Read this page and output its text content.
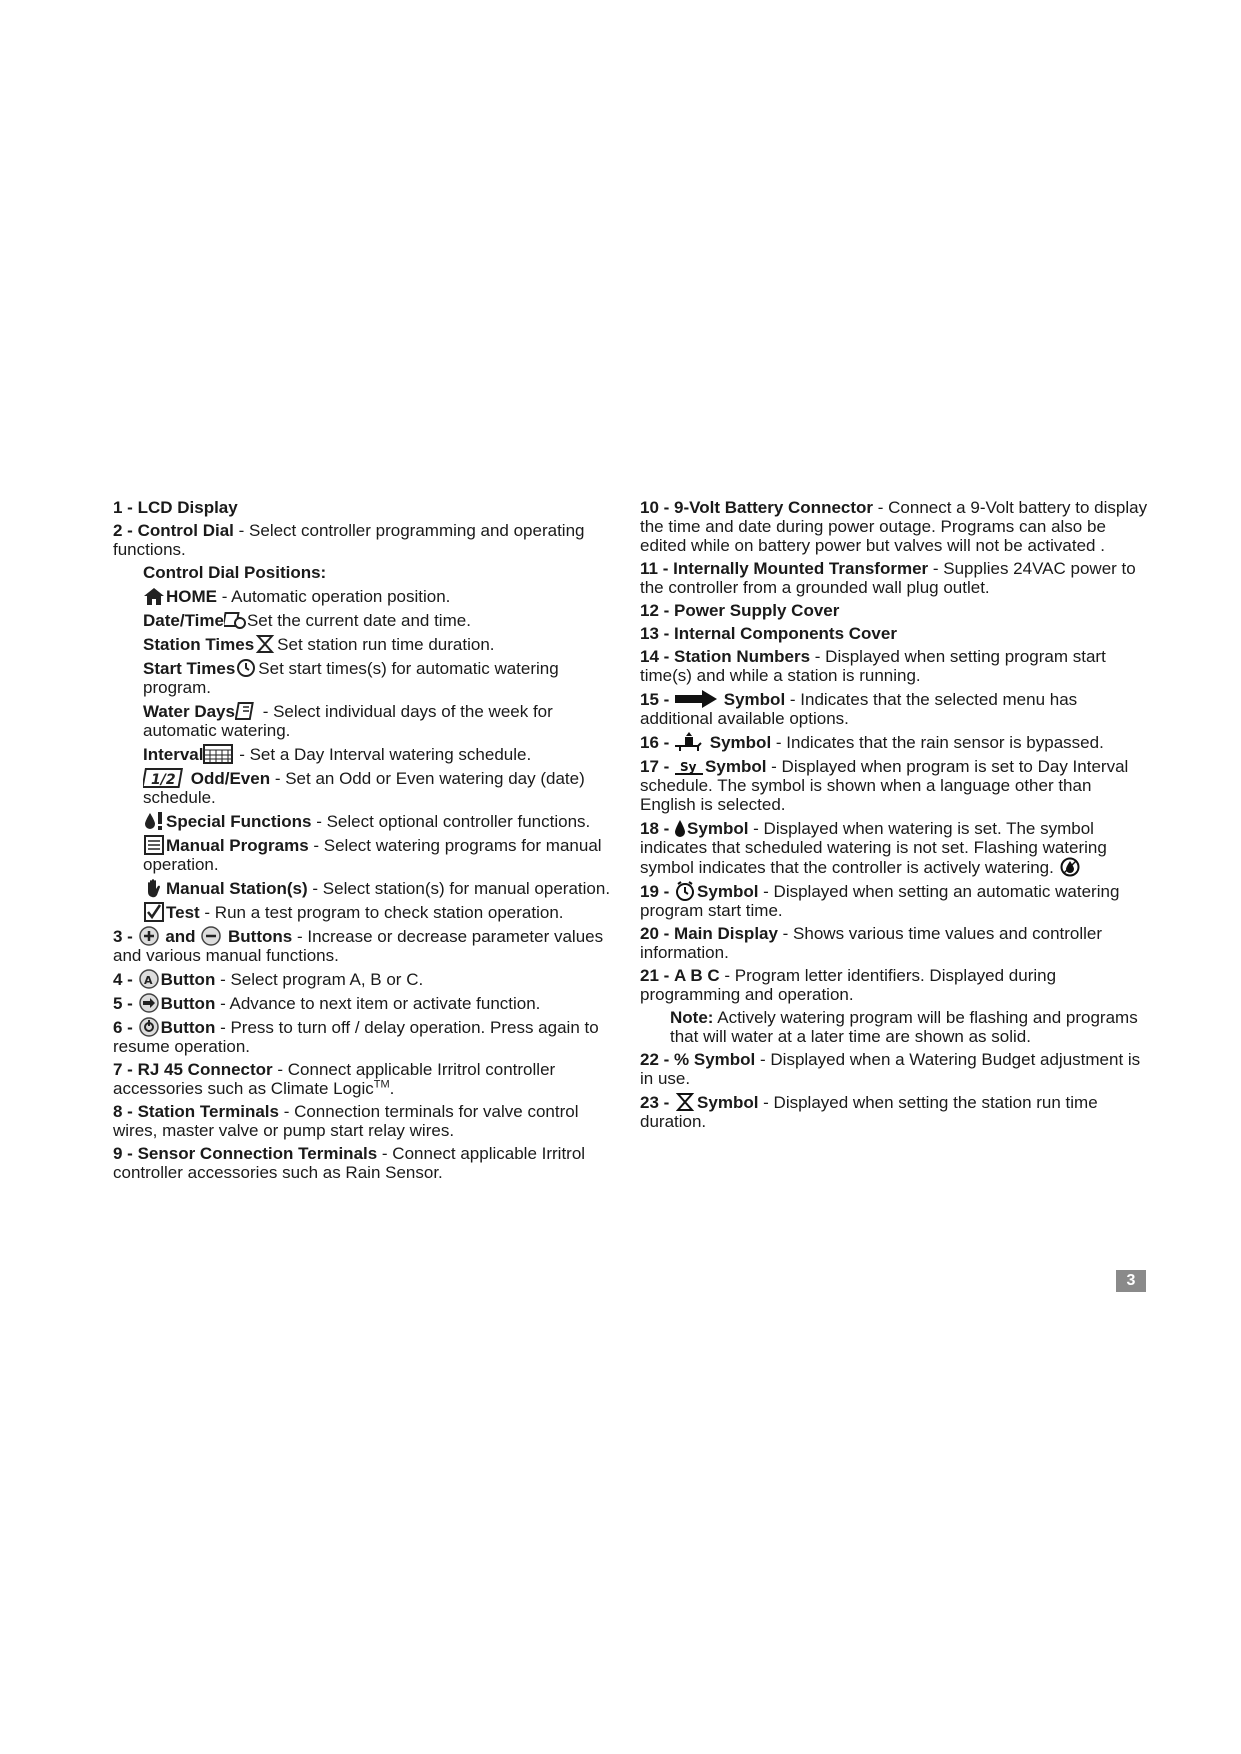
1 - LCD Display
2 - Control Dial - Select controller programming and operating functions.
Control Dial Positions:
HOME - Automatic operation position.
Date/Time Set the current date and time.
Station Times Set station run time duration.
Start Times Set start times(s) for automatic watering program.
Water Days
- Select individual days of the week for automatic watering.
Interval
- Set a Day Interval watering schedule.
1/2 Odd/Even - Set an Odd or Even watering day (date) schedule.
Special Functions - Select optional controller functions.
Manual Programs - Select watering programs for manual operation.
Manual Station(s) - Select station(s) for manual operation.
Test - Run a test program to check station operation.
3 - and Buttons - Increase or decrease parameter values and various manual functions.
4 - A Button - Select program A, B or C.
5 - Button - Advance to next item or activate function.
6 - Button - Press to turn off / delay operation. Press again to resume operation.
7 - RJ 45 Connector - Connect applicable Irritrol controller accessories such as Climate Logic™.
8 - Station Terminals - Connection terminals for valve control wires, master valve or pump start relay wires.
9 - Sensor Connection Terminals - Connect applicable Irritrol controller accessories such as Rain Sensor.
10 - 9-Volt Battery Connector - Connect a 9-Volt battery to display the time and date during power outage. Programs can also be edited while on battery power but valves will not be activated .
11 - Internally Mounted Transformer - Supplies 24VAC power to the controller from a grounded wall plug outlet.
12 - Power Supply Cover
13 - Internal Components Cover
14 - Station Numbers - Displayed when setting program start time(s) and while a station is running.
15 -	Symbol - Indicates that the selected menu has additional available options.
16 - Symbol - Indicates that the rain sensor is bypassed.
17 - Sy Symbol - Displayed when program is set to Day Interval schedule. The symbol is shown when a language other than English is selected.
18 - Symbol - Displayed when watering is set. The symbol indicates that scheduled watering is not set. Flashing watering symbol indicates that the controller is actively watering.
19 - Symbol - Displayed when setting an automatic watering program start time.
20 - Main Display - Shows various time values and controller information.
21 - A B C - Program letter identifiers. Displayed during programming and operation.
Note: Actively watering program will be flashing and programs that will water at a later time are shown as solid.
22 - % Symbol - Displayed when a Watering Budget adjustment is in use.
23 - Symbol - Displayed when setting the station run time duration.
3
